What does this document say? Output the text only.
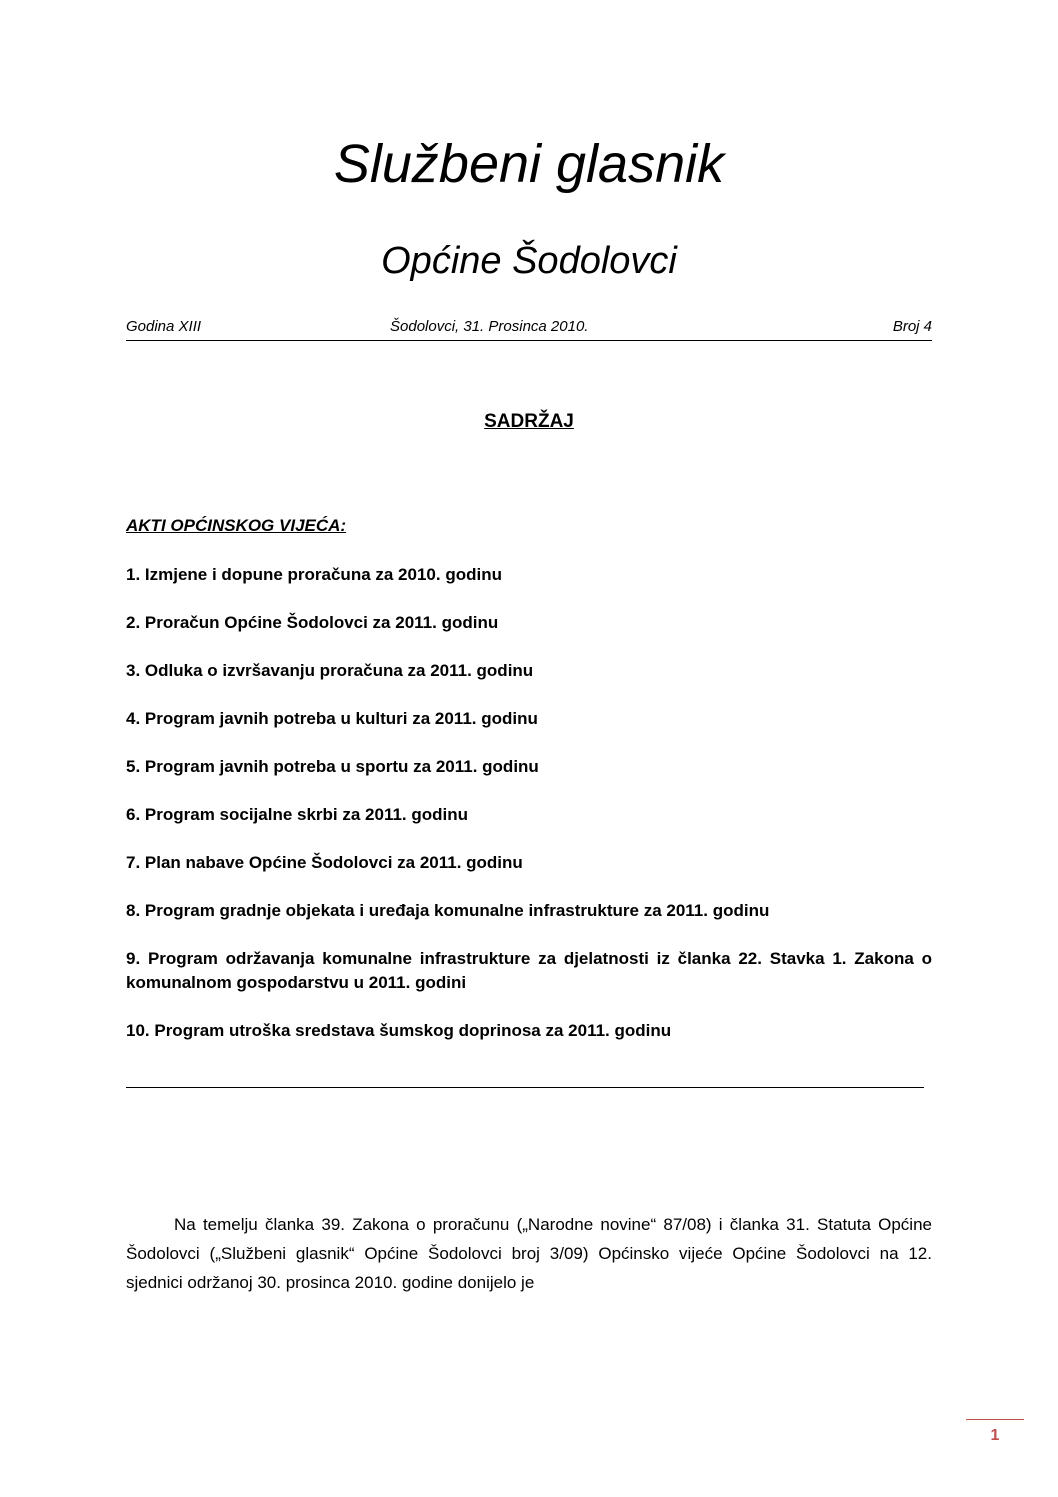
Službeni glasnik
Općine Šodolovci
Godina XIII	Šodolovci, 31. Prosinca 2010.	Broj 4
SADRŽAJ
AKTI OPĆINSKOG VIJEĆA:
1. Izmjene i dopune proračuna za 2010. godinu
2. Proračun Općine Šodolovci za 2011. godinu
3. Odluka o izvršavanju proračuna za 2011. godinu
4. Program javnih potreba u kulturi za 2011. godinu
5. Program javnih potreba u sportu za 2011. godinu
6. Program socijalne skrbi za 2011. godinu
7. Plan nabave Općine Šodolovci za 2011. godinu
8. Program gradnje objekata i uređaja komunalne infrastrukture za 2011. godinu
9. Program održavanja komunalne infrastrukture za djelatnosti iz članka 22. Stavka 1. Zakona o komunalnom gospodarstvu u 2011. godini
10. Program utroška sredstava šumskog doprinosa za 2011. godinu

Na temelju članka 39. Zakona o proračunu („Narodne novine“ 87/08) i članka 31. Statuta Općine Šodolovci („Službeni glasnik“ Općine Šodolovci broj 3/09) Općinsko vijeće Općine Šodolovci na 12. sjednici održanoj 30. prosinca 2010. godine donijelo je

1
